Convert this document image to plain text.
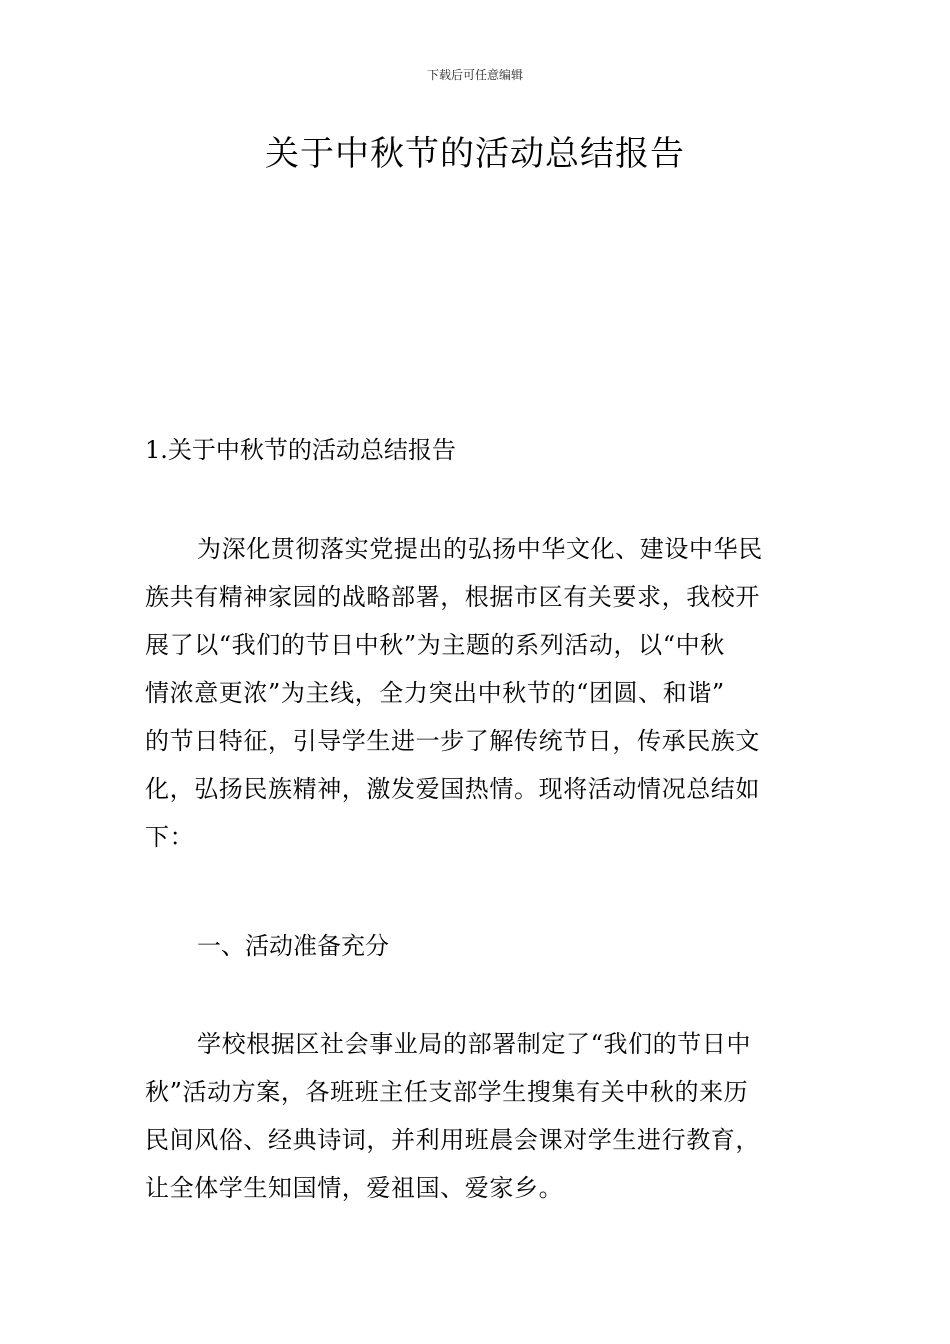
下载后可任意编辑
关于中秋节的活动总结报告

1.关于中秋节的活动总结报告

为深化贯彻落实党提出的弘扬中华文化、建设中华民
族共有精神家园的战略部署，根据市区有关要求，我校开
展了以“我们的节日中秋”为主题的系列活动，以“中秋
情浓意更浓”为主线，全力突出中秋节的“团圆、和谐”
的节日特征，引导学生进一步了解传统节日，传承民族文
化，弘扬民族精神，激发爱国热情。现将活动情况总结如
下：

一、活动准备充分

学校根据区社会事业局的部署制定了“我们的节日中
秋”活动方案，各班班主任支部学生搜集有关中秋的来历
民间风俗、经典诗词，并利用班晨会课对学生进行教育，
让全体学生知国情，爱祖国、爱家乡。
